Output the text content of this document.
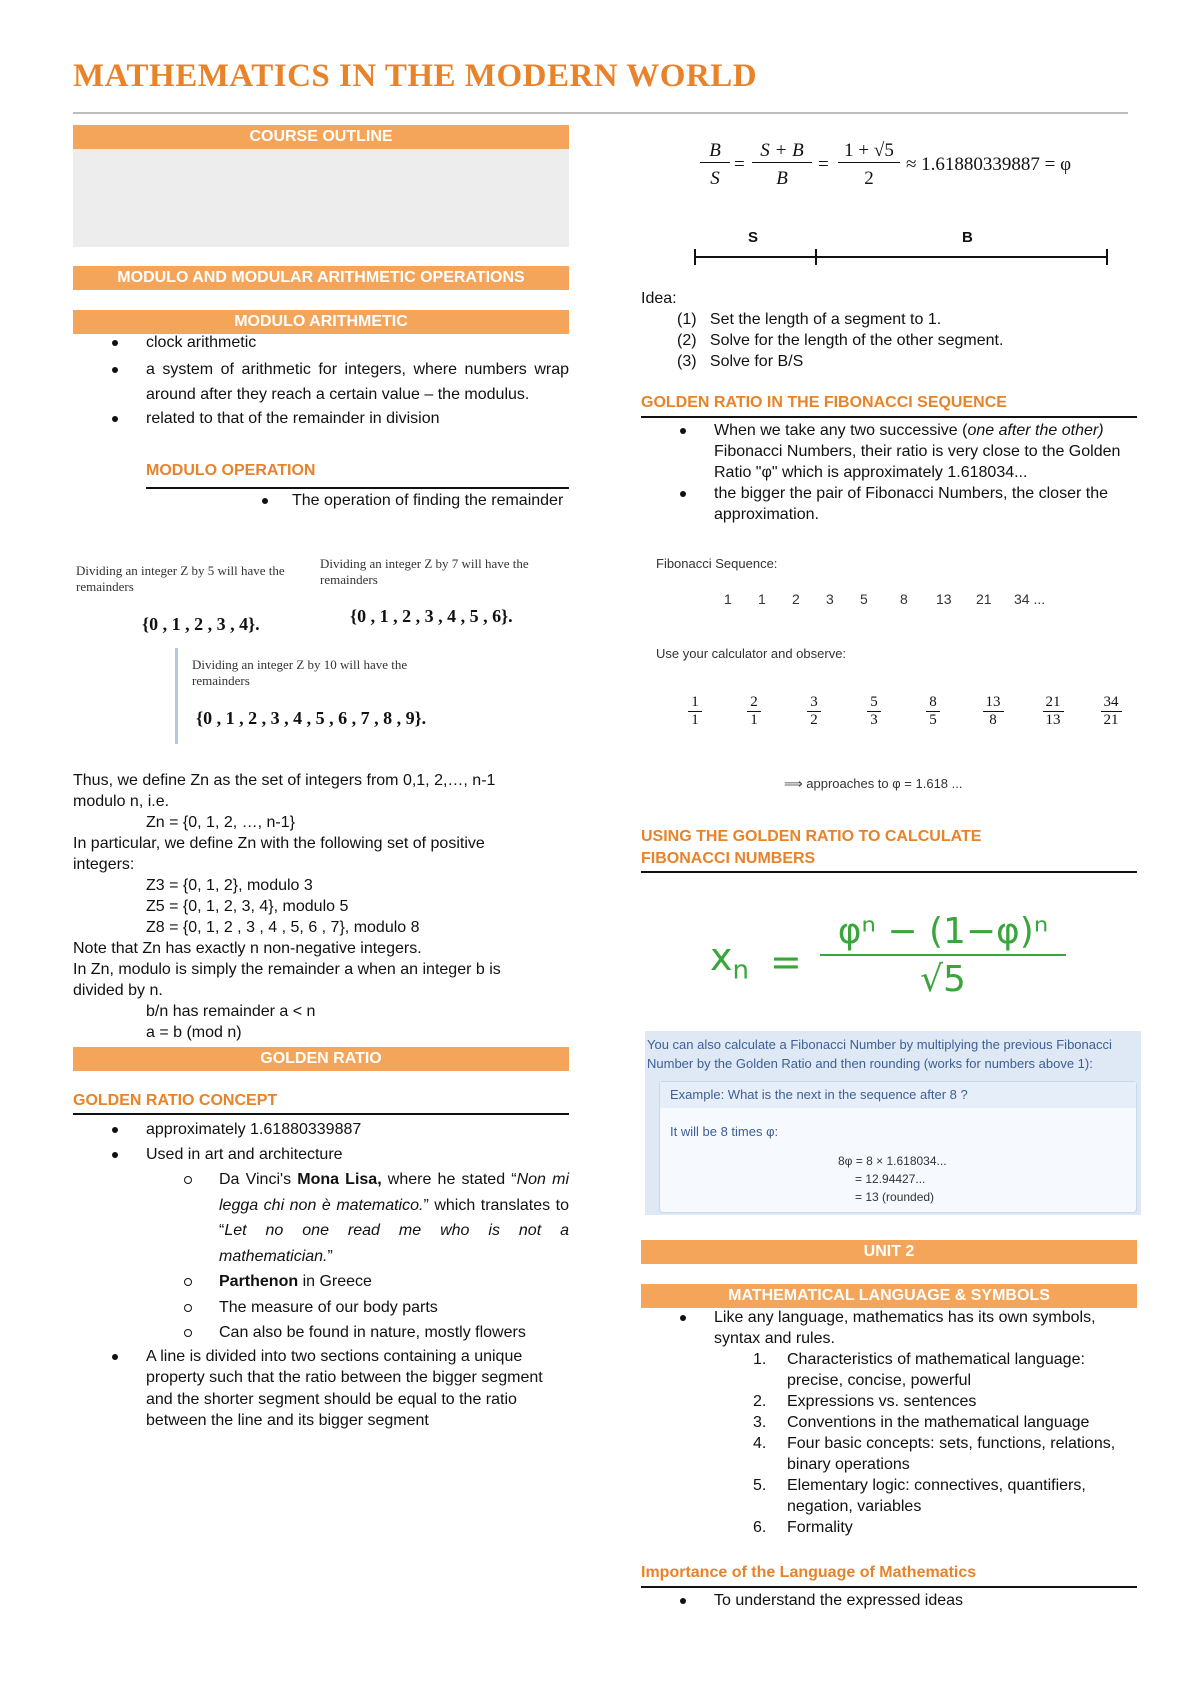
MATHEMATICS IN THE MODERN WORLD
COURSE OUTLINE
MODULO AND MODULAR ARITHMETIC OPERATIONS
MODULO ARITHMETIC
clock arithmetic
a system of arithmetic for integers, where numbers wrap around after they reach a certain value – the modulus.
related to that of the remainder in division
MODULO OPERATION
The operation of finding the remainder
Dividing an integer Z by 5 will have the remainders
{0 , 1 , 2 , 3 , 4}.
Dividing an integer Z by 7 will have the remainders
{0 , 1 , 2 , 3 , 4 , 5 , 6}.
Dividing an integer Z by 10 will have the remainders
{0 , 1 , 2 , 3 , 4 , 5 , 6 , 7 , 8 , 9}.
Thus, we define Zn as the set of integers from 0,1, 2,…, n-1
modulo n, i.e.
Zn = {0, 1, 2, …, n-1}
In particular, we define Zn with the following set of positive
integers:
Z3 = {0, 1, 2}, modulo 3
Z5 = {0, 1, 2, 3, 4}, modulo 5
Z8 = {0, 1, 2 , 3 , 4 , 5, 6 , 7}, modulo 8
Note that Zn has exactly n non-negative integers.
In Zn, modulo is simply the remainder a when an integer b is
divided by n.
b/n has remainder a < n
a = b (mod n)
GOLDEN RATIO
GOLDEN RATIO CONCEPT
approximately 1.61880339887
Used in art and architecture
Da Vinci's Mona Lisa, where he stated “Non mi legga chi non è matematico.” which translates to “Let no one read me who is not a mathematician.”
Parthenon in Greece
The measure of our body parts
Can also be found in nature, mostly flowers
A line is divided into two sections containing a unique property such that the ratio between the bigger segment and the shorter segment should be equal to the ratio between the line and its bigger segment
B
S
=
S + B
B
=
1 + √5
2
≈ 1.61880339887 = φ
S	B
Idea:
(1)   Set the length of a segment to 1.
(2)   Solve for the length of the other segment.
(3)   Solve for B/S
GOLDEN RATIO IN THE FIBONACCI SEQUENCE
When we take any two successive (one after the other) Fibonacci Numbers, their ratio is very close to the Golden Ratio "φ" which is approximately 1.618034...
the bigger the pair of Fibonacci Numbers, the closer the approximation.
Fibonacci Sequence:
1 1 2 3 5 8 13 21 34 ...
Use your calculator and observe:
$\frac{1}{1} \frac{2}{1} \frac{3}{2} \frac{5}{3} \frac{8}{5} \frac{13}{8} \frac{21}{13} \frac{34}{21}$
⟹ approaches to φ = 1.618 ...
USING THE GOLDEN RATIO TO CALCULATE
FIBONACCI NUMBERS
$x_n$ =
φⁿ − (1−φ)ⁿ
√5
You can also calculate a Fibonacci Number by multiplying the previous Fibonacci
Number by the Golden Ratio and then rounding (works for numbers above 1):
Example: What is the next in the sequence after 8 ?
It will be 8 times φ:
8φ = 8 × 1.618034...
= 12.94427...
= 13 (rounded)
UNIT 2
MATHEMATICAL LANGUAGE & SYMBOLS
Like any language, mathematics has its own symbols, syntax and rules.
1. Characteristics of mathematical language: precise, concise, powerful
2. Expressions vs. sentences
3. Conventions in the mathematical language
4. Four basic concepts: sets, functions, relations, binary operations
5. Elementary logic: connectives, quantifiers, negation, variables
6. Formality
Importance of the Language of Mathematics
To understand the expressed ideas
